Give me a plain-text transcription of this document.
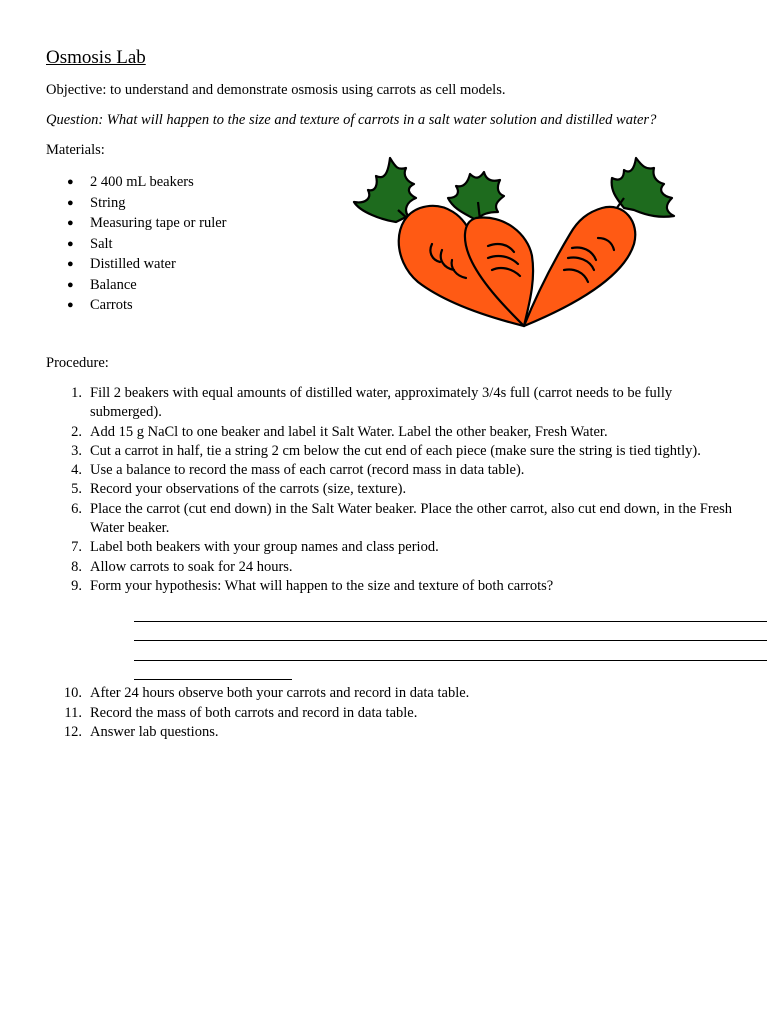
Osmosis Lab
Objective: to understand and demonstrate osmosis using carrots as cell models.
Question: What will happen to the size and texture of carrots in a salt water solution and distilled water?
Materials:
● 2 400 mL beakers
● String
● Measuring tape or ruler
● Salt
● Distilled water
● Balance
● Carrots
Procedure:
1. Fill 2 beakers with equal amounts of distilled water, approximately 3/4s full (carrot needs to be fully submerged).
2. Add 15 g NaCl to one beaker and label it Salt Water. Label the other beaker, Fresh Water.
3. Cut a carrot in half, tie a string 2 cm below the cut end of each piece (make sure the string is tied tightly).
4. Use a balance to record the mass of each carrot (record mass in data table).
5. Record your observations of the carrots (size, texture).
6. Place the carrot (cut end down) in the Salt Water beaker. Place the other carrot, also cut end down, in the Fresh Water beaker.
7. Label both beakers with your group names and class period.
8. Allow carrots to soak for 24 hours.
9. Form your hypothesis: What will happen to the size and texture of both carrots?
10. After 24 hours observe both your carrots and record in data table.
11. Record the mass of both carrots and record in data table.
12. Answer lab questions.
